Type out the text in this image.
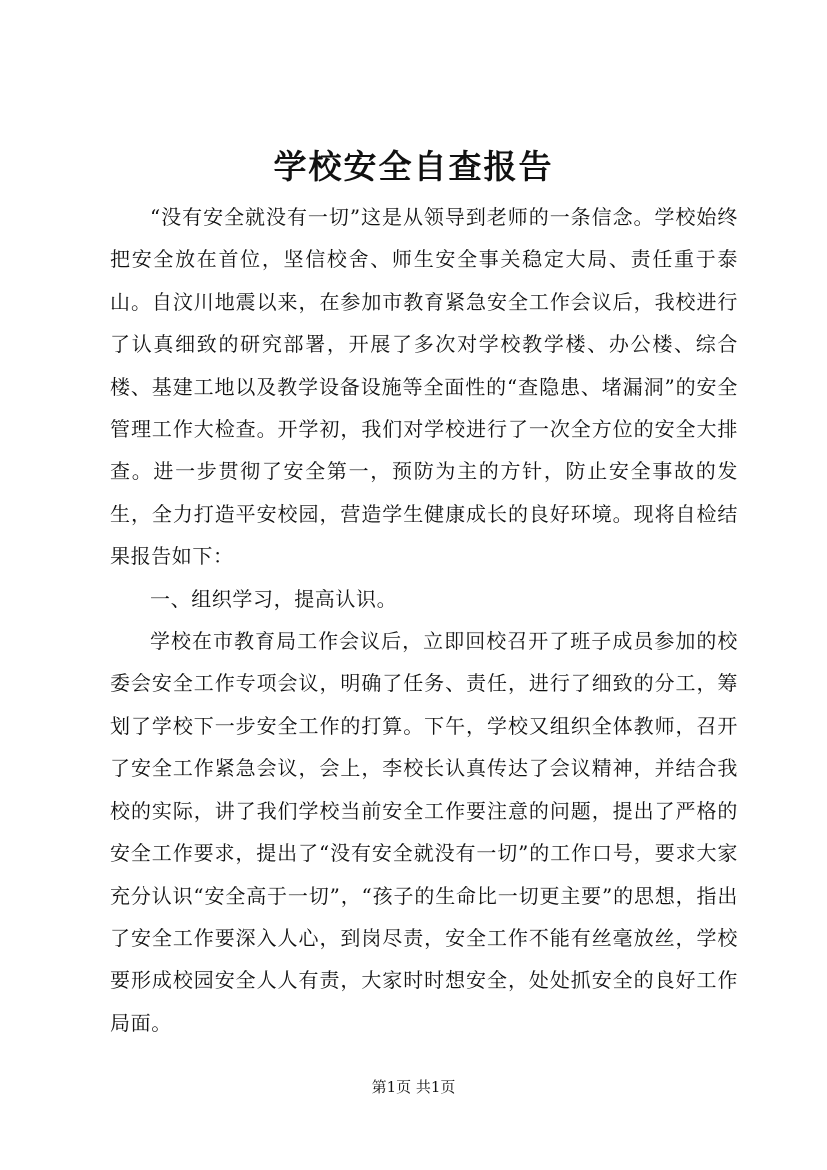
学校安全自查报告

“没有安全就没有一切”这是从领导到老师的一条信念。学校始终把安全放在首位，坚信校舍、师生安全事关稳定大局、责任重于泰山。自汶川地震以来，在参加市教育紧急安全工作会议后，我校进行了认真细致的研究部署，开展了多次对学校教学楼、办公楼、综合楼、基建工地以及教学设备设施等全面性的“查隐患、堵漏洞”的安全管理工作大检查。开学初，我们对学校进行了一次全方位的安全大排查。进一步贯彻了安全第一，预防为主的方针，防止安全事故的发生，全力打造平安校园，营造学生健康成长的良好环境。现将自检结果报告如下：

一、组织学习，提高认识。

学校在市教育局工作会议后，立即回校召开了班子成员参加的校委会安全工作专项会议，明确了任务、责任，进行了细致的分工，筹划了学校下一步安全工作的打算。下午，学校又组织全体教师，召开了安全工作紧急会议，会上，李校长认真传达了会议精神，并结合我校的实际，讲了我们学校当前安全工作要注意的问题，提出了严格的安全工作要求，提出了“没有安全就没有一切”的工作口号，要求大家充分认识“安全高于一切”，“孩子的生命比一切更主要”的思想，指出了安全工作要深入人心，到岗尽责，安全工作不能有丝毫放丝，学校要形成校园安全人人有责，大家时时想安全，处处抓安全的良好工作局面。

第1页 共1页
